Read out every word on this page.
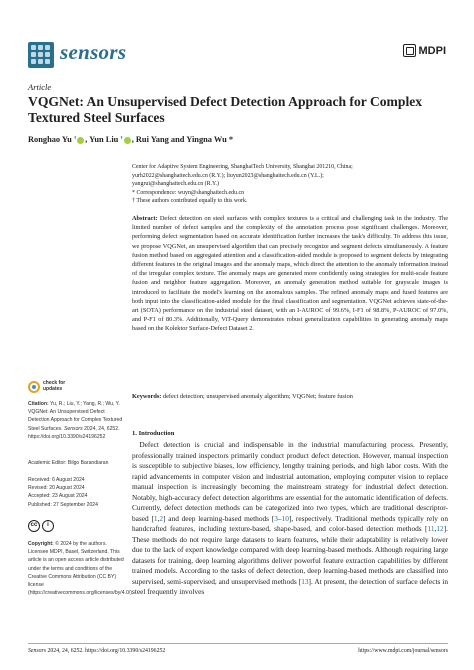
sensors	MDPI
Article
VQGNet: An Unsupervised Defect Detection Approach for Complex Textured Steel Surfaces
Ronghao Yu † , Yun Liu † , Rui Yang and Yingna Wu *
Center for Adaptive System Engineering, ShanghaiTech University, Shanghai 201210, China;
yurh2022@shanghaitech.edu.cn (R.Y.); liuyun2023@shanghaitech.edu.cn (Y.L.);
yangrui@shanghaitech.edu.cn (R.Y.)
* Correspondence: wuyn@shanghaitech.edu.cn
† These authors contributed equally to this work.
Abstract: Defect detection on steel surfaces with complex textures is a critical and challenging task in the industry. The limited number of defect samples and the complexity of the annotation process pose significant challenges. Moreover, performing defect segmentation based on accurate identification further increases the task's difficulty. To address this issue, we propose VQGNet, an unsupervised algorithm that can precisely recognize and segment defects simultaneously. A feature fusion method based on aggregated attention and a classification-aided module is proposed to segment defects by integrating different features in the original images and the anomaly maps, which direct the attention to the anomaly information instead of the irregular complex texture. The anomaly maps are generated more confidently using strategies for multi-scale feature fusion and neighbor feature aggregation. Moreover, an anomaly generation method suitable for grayscale images is introduced to facilitate the model's learning on the anomalous samples. The refined anomaly maps and fused features are both input into the classification-aided module for the final classification and segmentation. VQGNet achieves state-of-the-art (SOTA) performance on the industrial steel dataset, with an I-AUROC of 99.6%, I-F1 of 98.8%, P-AUROC of 97.0%, and P-F1 of 80.3%. Additionally, ViT-Query demonstrates robust generalization capabilities in generating anomaly maps based on the Kolektor Surface-Defect Dataset 2.
Keywords: defect detection; unsupervised anomaly algorithm; VQGNet; feature fusion
1. Introduction
 Defect detection is crucial and indispensable in the industrial manufacturing process. Presently, professionally trained inspectors primarily conduct product defect detection. However, manual inspection is susceptible to subjective biases, low efficiency, lengthy training periods, and high labor costs. With the rapid advancements in computer vision and industrial automation, employing computer vision to replace manual inspection is increasingly becoming the mainstream strategy for industrial defect detection. Notably, high-accuracy defect detection algorithms are essential for the automatic identification of defects. Currently, defect detection methods can be categorized into two types, which are traditional descriptor-based [1,2] and deep learning-based methods [3–10], respectively. Traditional methods typically rely on handcrafted features, including texture-based, shape-based, and color-based detection methods [11,12]. These methods do not require large datasets to learn features, while their adaptability is relatively lower due to the lack of expert knowledge compared with deep learning-based methods. Although requiring large datasets for training, deep learning algorithms deliver powerful feature extraction capabilities by different trained models. According to the tasks of defect detection, deep learning-based methods are classified into supervised, semi-supervised, and unsupervised methods [13]. At present, the detection of surface defects in steel frequently involves
check for
updates
Citation: Yu, R.; Liu, Y.; Yang, R.; Wu, Y. VQGNet: An Unsupervised Defect Detection Approach for Complex Textured Steel Surfaces. Sensors 2024, 24, 6252. https://doi.org/10.3390/s24196252
Academic Editor: Bilgo Barandiaran
Received: 6 August 2024
Revised: 20 August 2024
Accepted: 23 August 2024
Published: 27 September 2024
cc	i
Copyright: © 2024 by the authors. Licensee MDPI, Basel, Switzerland. This article is an open access article distributed under the terms and conditions of the Creative Commons Attribution (CC BY) license (https://creativecommons.org/licenses/by/4.0/).
Sensors 2024, 24, 6252. https://doi.org/10.3390/s24196252	https://www.mdpi.com/journal/sensors
